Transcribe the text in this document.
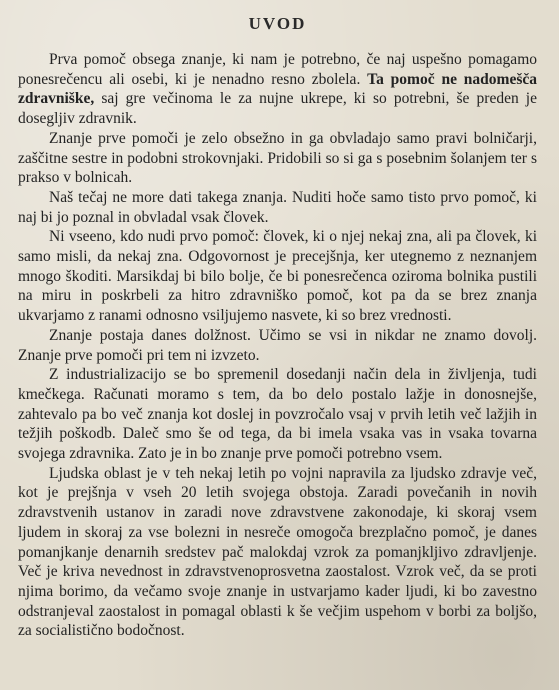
UVOD

Prva pomoč obsega znanje, ki nam je potrebno, če naj uspešno pomagamo ponesrečencu ali osebi, ki je nenadno resno zbolela. Ta pomoč ne nadomešča zdravniške, saj gre večinoma le za nujne ukrepe, ki so potrebni, še preden je dosegljiv zdravnik.

Znanje prve pomoči je zelo obsežno in ga obvladajo samo pravi bolničarji, zaščitne sestre in podobni strokovnjaki. Pridobili so si ga s posebnim šolanjem ter s prakso v bolnicah.

Naš tečaj ne more dati takega znanja. Nuditi hoče samo tisto prvo pomoč, ki naj bi jo poznal in obvladal vsak človek.

Ni vseeno, kdo nudi prvo pomoč: človek, ki o njej nekaj zna, ali pa človek, ki samo misli, da nekaj zna. Odgovornost je precejšnja, ker utegnemo z neznanjem mnogo škoditi. Marsikdaj bi bilo bolje, če bi ponesrečenca oziroma bolnika pustili na miru in poskrbeli za hitro zdravniško pomoč, kot pa da se brez znanja ukvarjamo z ranami odnosno vsiljujemo nasvete, ki so brez vrednosti.

Znanje postaja danes dolžnost. Učimo se vsi in nikdar ne znamo dovolj. Znanje prve pomoči pri tem ni izvzeto.

Z industrializacijo se bo spremenil dosedanji način dela in življenja, tudi kmečkega. Računati moramo s tem, da bo delo postalo lažje in donosnejše, zahtevalo pa bo več znanja kot doslej in povzročalo vsaj v prvih letih več lažjih in težjih poškodb. Dalеč smo še od tega, da bi imela vsaka vas in vsaka tovarna svojega zdravnika. Zato je in bo znanje prve pomoči potrebno vsem.

Ljudska oblast je v teh nekaj letih po vojni napravila za ljudsko zdravje več, kot je prejšnja v vseh 20 letih svojega obstoja. Zaradi povečanih in novih zdravstvenih ustanov in zaradi nove zdravstvene zakonodaje, ki skoraj vsem ljudem in skoraj za vse bolezni in nesreče omogoča brezplačno pomoč, je danes pomanjkanje denarnih sredstev pač malokdaj vzrok za pomanjkljivo zdravljenje. Več je kriva nevednost in zdravstvenoprosvetna zaostalost. Vzrok več, da se proti njima borimo, da večamo svoje znanje in ustvarjamo kader ljudi, ki bo zavestno odstranjeval zaostalost in pomagal oblasti k še večjim uspehom v borbi za boljšo, za socialistično bodočnost.
